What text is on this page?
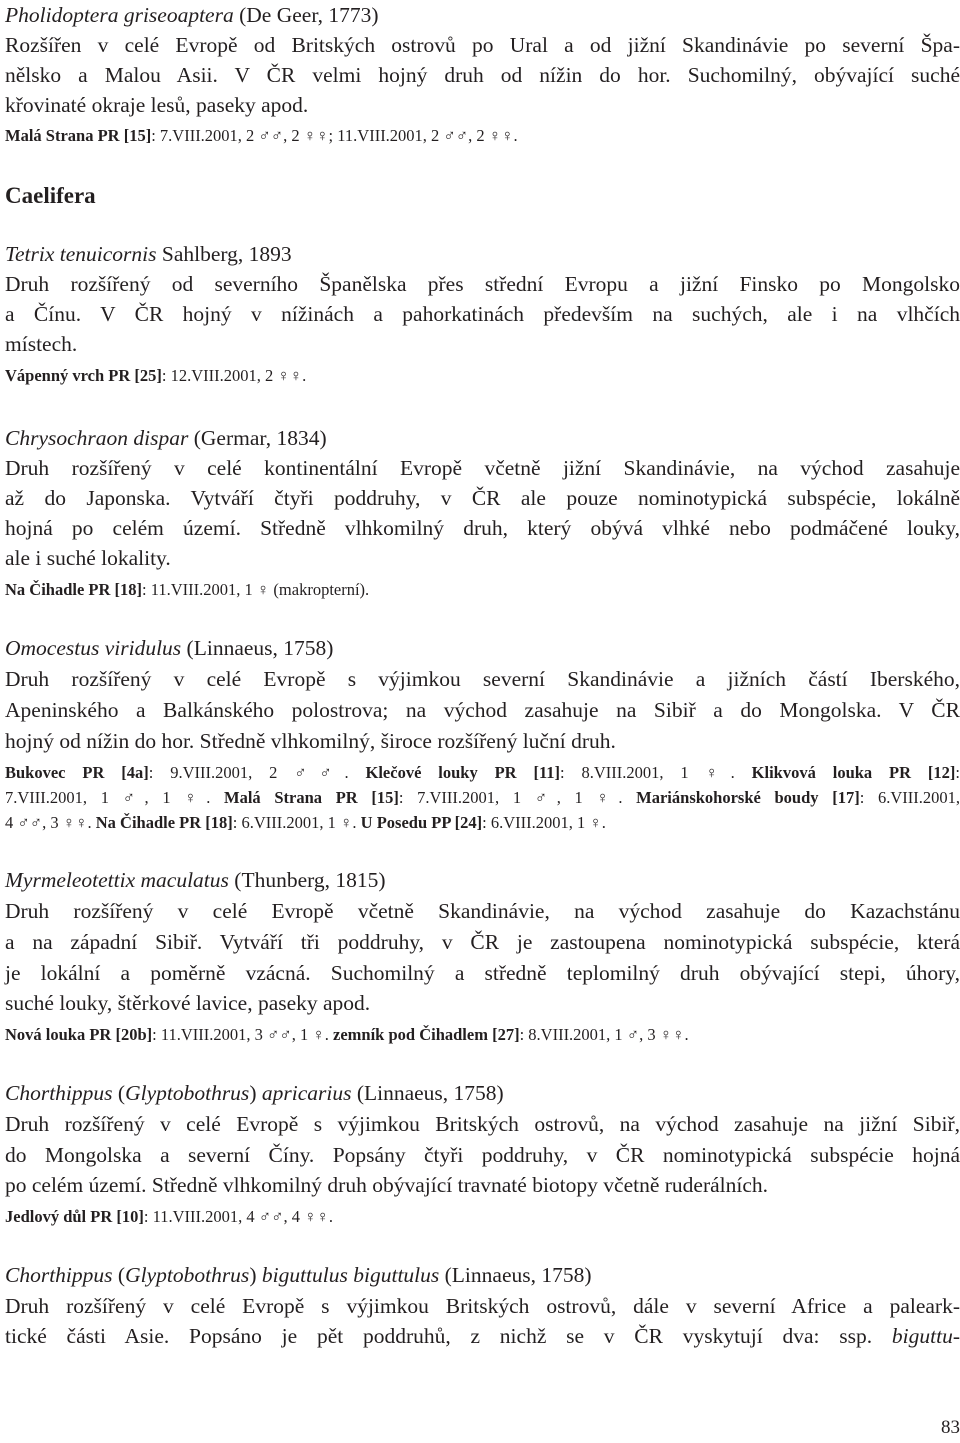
Pholidoptera griseoaptera (De Geer, 1773)
Rozšířen v celé Evropě od Britských ostrovů po Ural a od jižní Skandinávie po severní Špa-
nělsko a Malou Asii. V ČR velmi hojný druh od nížin do hor. Suchomilný, obývající suché
křovinaté okraje lesů, paseky apod.
Malá Strana PR [15]: 7.VIII.2001, 2 ♂♂, 2 ♀♀; 11.VIII.2001, 2 ♂♂, 2 ♀♀.
Caelifera
Tetrix tenuicornis Sahlberg, 1893
Druh rozšířený od severního Španělska přes střední Evropu a jižní Finsko po Mongolsko
a Čínu. V ČR hojný v nížinách a pahorkatinách především na suchých, ale i na vlhčích
místech.
Vápenný vrch PR [25]: 12.VIII.2001, 2 ♀♀.
Chrysochraon dispar (Germar, 1834)
Druh rozšířený v celé kontinentální Evropě včetně jižní Skandinávie, na východ zasahuje
až do Japonska. Vytváří čtyři poddruhy, v ČR ale pouze nominotypická subspécie, lokálně
hojná po celém území. Středně vlhkomilný druh, který obývá vlhké nebo podmáčené louky,
ale i suché lokality.
Na Čihadle PR [18]: 11.VIII.2001, 1 ♀ (makropterní).
Omocestus viridulus (Linnaeus, 1758)
Druh rozšířený v celé Evropě s výjimkou severní Skandinávie a jižních částí Iberského,
Apeninského a Balkánského polostrova; na východ zasahuje na Sibiř a do Mongolska. V ČR
hojný od nížin do hor. Středně vlhkomilný, široce rozšířený luční druh.
Bukovec PR [4a]: 9.VIII.2001, 2 ♂♂. Klečové louky PR [11]: 8.VIII.2001, 1 ♀. Klikvová louka PR [12]:
7.VIII.2001, 1 ♂, 1 ♀. Malá Strana PR [15]: 7.VIII.2001, 1 ♂, 1 ♀. Mariánskohorské boudy [17]: 6.VIII.2001,
4 ♂♂, 3 ♀♀. Na Čihadle PR [18]: 6.VIII.2001, 1 ♀. U Posedu PP [24]: 6.VIII.2001, 1 ♀.
Myrmeleotettix maculatus (Thunberg, 1815)
Druh rozšířený v celé Evropě včetně Skandinávie, na východ zasahuje do Kazachstánu
a na západní Sibiř. Vytváří tři poddruhy, v ČR je zastoupena nominotypická subspécie, která
je lokální a poměrně vzácná. Suchomilný a středně teplomilný druh obývající stepi, úhory,
suché louky, štěrkové lavice, paseky apod.
Nová louka PR [20b]: 11.VIII.2001, 3 ♂♂, 1 ♀. zemník pod Čihadlem [27]: 8.VIII.2001, 1 ♂, 3 ♀♀.
Chorthippus (Glyptobothrus) apricarius (Linnaeus, 1758)
Druh rozšířený v celé Evropě s výjimkou Britských ostrovů, na východ zasahuje na jižní Sibiř,
do Mongolska a severní Číny. Popsány čtyři poddruhy, v ČR nominotypická subspécie hojná
po celém území. Středně vlhkomilný druh obývající travnaté biotopy včetně ruderálních.
Jedlový důl PR [10]: 11.VIII.2001, 4 ♂♂, 4 ♀♀.
Chorthippus (Glyptobothrus) biguttulus biguttulus (Linnaeus, 1758)
Druh rozšířený v celé Evropě s výjimkou Britských ostrovů, dále v severní Africe a paleark-
tické části Asie. Popsáno je pět poddruhů, z nichž se v ČR vyskytují dva: ssp. biguttu-
83
